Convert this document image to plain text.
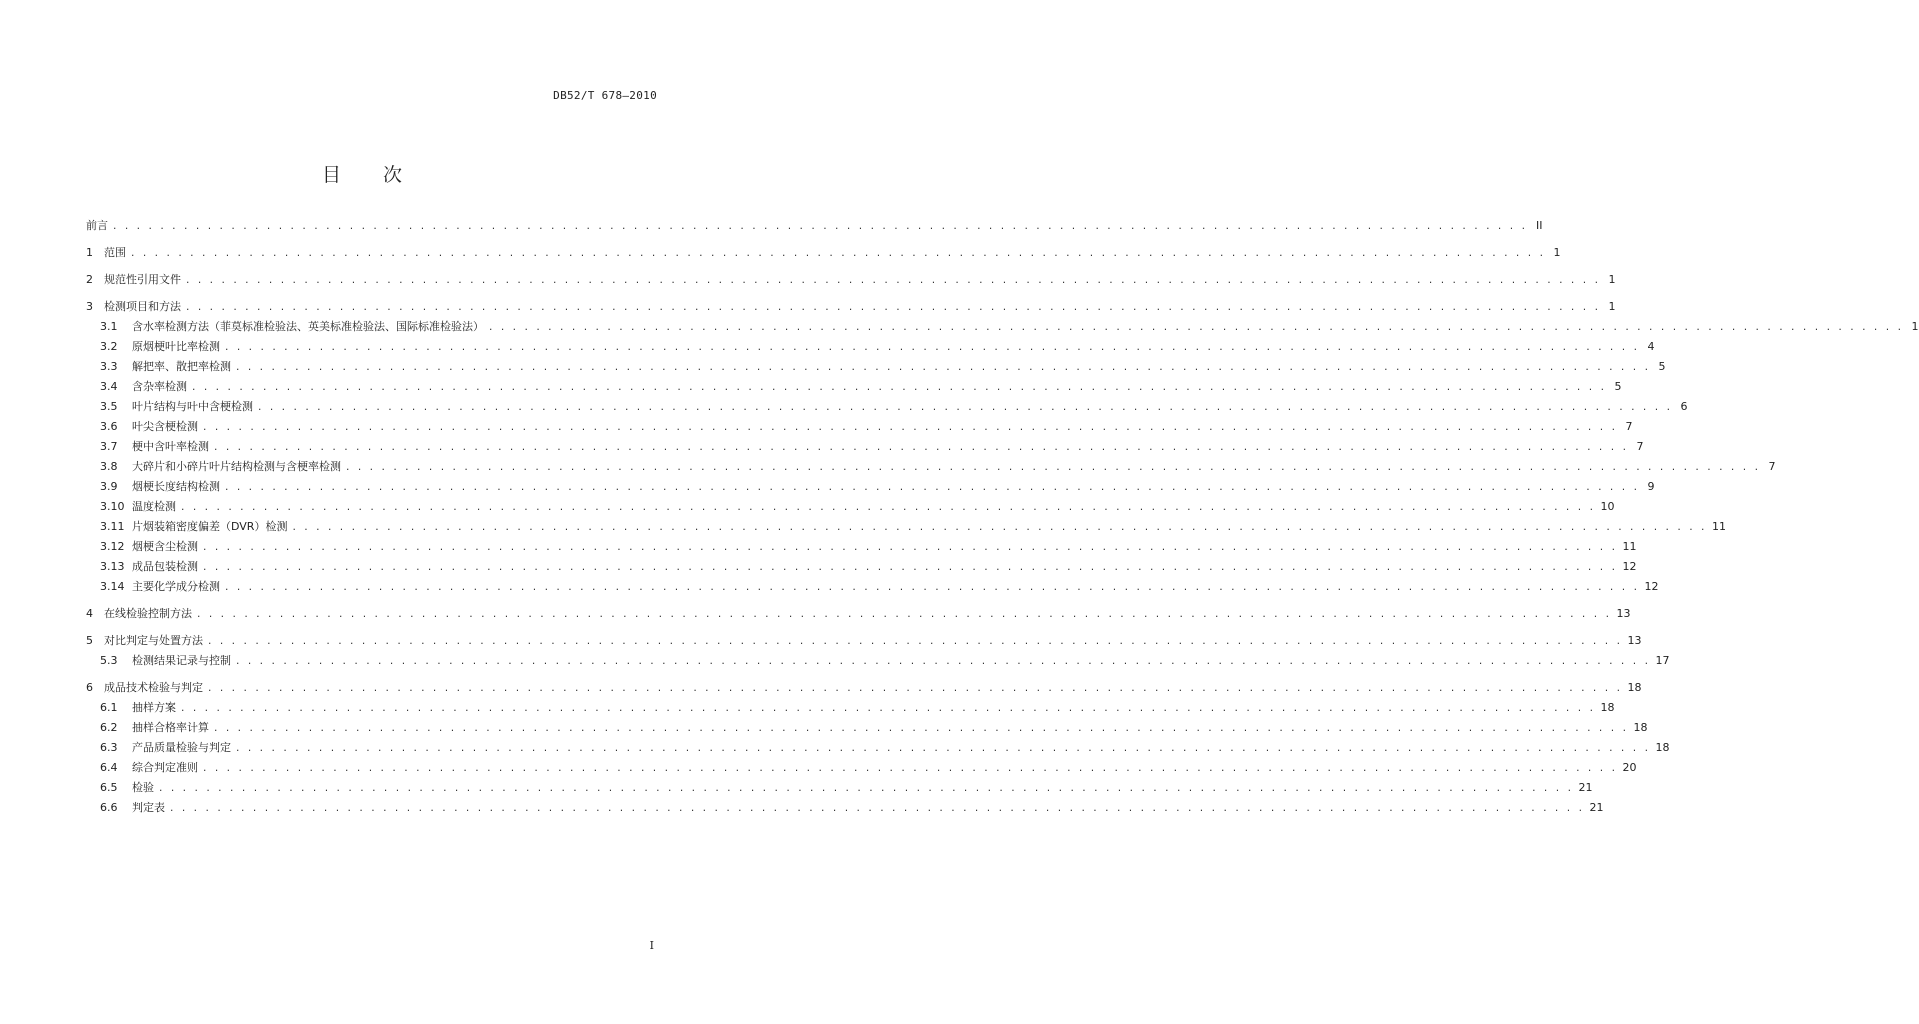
DB52/T 678—2010
目 次
前言 . . . . . . . . . . . . . . . . . . . . . . . . . . . . . . . . . . . . . . . . . . . . . . . . . . . . . . . . . . . . . . . . . . . . . . . . . . . . . . . . . . . . . . . . . . . . . . . . . . . . . . . . . . . . . . . . . . . . . . . . II
1 范围 . . . . . . . . . . . . . . . . . . . . . . . . . . . . . . . . . . . . . . . . . . . . . . . . . . . . . . . . . . . . . . . . . . . . . . . . . . . . . . . . . . . . . . . . . . . . . . . . . . . . . . . . . . . . . . . . . . . . . . . . 1
2 规范性引用文件 . . . . . . . . . . . . . . . . . . . . . . . . . . . . . . . . . . . . . . . . . . . . . . . . . . . . . . . . . . . . . . . . . . . . . . . . . . . . . . . . . . . . . . . . . . . . . . . . . . . . . . . . . . . . . . . . . . . . . . . . 1
3 检测项目和方法 . . . . . . . . . . . . . . . . . . . . . . . . . . . . . . . . . . . . . . . . . . . . . . . . . . . . . . . . . . . . . . . . . . . . . . . . . . . . . . . . . . . . . . . . . . . . . . . . . . . . . . . . . . . . . . . . . . . . . . . . 1
3.1 含水率检测方法（菲莫标准检验法、英美标准检验法、国际标准检验法） . . . . . . . . . . . . . . . . . . . . . . . . . . . . . . . . . . . . . . . . . . . . . . . . . . . . . . . . . . . . . . . . . . . . . . . . . . . . . . . . . . . . . . . . . . . . . . . . . . . . . . . . . . . . . . . . . . . . . . . . 1
3.2 原烟梗叶比率检测 . . . . . . . . . . . . . . . . . . . . . . . . . . . . . . . . . . . . . . . . . . . . . . . . . . . . . . . . . . . . . . . . . . . . . . . . . . . . . . . . . . . . . . . . . . . . . . . . . . . . . . . . . . . . . . . . . . . . . . . . 4
3.3 解把率、散把率检测 . . . . . . . . . . . . . . . . . . . . . . . . . . . . . . . . . . . . . . . . . . . . . . . . . . . . . . . . . . . . . . . . . . . . . . . . . . . . . . . . . . . . . . . . . . . . . . . . . . . . . . . . . . . . . . . . . . . . . . . . 5
3.4 含杂率检测 . . . . . . . . . . . . . . . . . . . . . . . . . . . . . . . . . . . . . . . . . . . . . . . . . . . . . . . . . . . . . . . . . . . . . . . . . . . . . . . . . . . . . . . . . . . . . . . . . . . . . . . . . . . . . . . . . . . . . . . . 5
3.5 叶片结构与叶中含梗检测 . . . . . . . . . . . . . . . . . . . . . . . . . . . . . . . . . . . . . . . . . . . . . . . . . . . . . . . . . . . . . . . . . . . . . . . . . . . . . . . . . . . . . . . . . . . . . . . . . . . . . . . . . . . . . . . . . . . . . . . . 6
3.6 叶尖含梗检测 . . . . . . . . . . . . . . . . . . . . . . . . . . . . . . . . . . . . . . . . . . . . . . . . . . . . . . . . . . . . . . . . . . . . . . . . . . . . . . . . . . . . . . . . . . . . . . . . . . . . . . . . . . . . . . . . . . . . . . . . 7
3.7 梗中含叶率检测 . . . . . . . . . . . . . . . . . . . . . . . . . . . . . . . . . . . . . . . . . . . . . . . . . . . . . . . . . . . . . . . . . . . . . . . . . . . . . . . . . . . . . . . . . . . . . . . . . . . . . . . . . . . . . . . . . . . . . . . . 7
3.8 大碎片和小碎片叶片结构检测与含梗率检测 . . . . . . . . . . . . . . . . . . . . . . . . . . . . . . . . . . . . . . . . . . . . . . . . . . . . . . . . . . . . . . . . . . . . . . . . . . . . . . . . . . . . . . . . . . . . . . . . . . . . . . . . . . . . . . . . . . . . . . . . 7
3.9 烟梗长度结构检测 . . . . . . . . . . . . . . . . . . . . . . . . . . . . . . . . . . . . . . . . . . . . . . . . . . . . . . . . . . . . . . . . . . . . . . . . . . . . . . . . . . . . . . . . . . . . . . . . . . . . . . . . . . . . . . . . . . . . . . . . 9
3.10 温度检测 . . . . . . . . . . . . . . . . . . . . . . . . . . . . . . . . . . . . . . . . . . . . . . . . . . . . . . . . . . . . . . . . . . . . . . . . . . . . . . . . . . . . . . . . . . . . . . . . . . . . . . . . . . . . . . . . . . . . . . . . 10
3.11 片烟装箱密度偏差（DVR）检测 . . . . . . . . . . . . . . . . . . . . . . . . . . . . . . . . . . . . . . . . . . . . . . . . . . . . . . . . . . . . . . . . . . . . . . . . . . . . . . . . . . . . . . . . . . . . . . . . . . . . . . . . . . . . . . . . . . . . . . . . 11
3.12 烟梗含尘检测 . . . . . . . . . . . . . . . . . . . . . . . . . . . . . . . . . . . . . . . . . . . . . . . . . . . . . . . . . . . . . . . . . . . . . . . . . . . . . . . . . . . . . . . . . . . . . . . . . . . . . . . . . . . . . . . . . . . . . . . . 11
3.13 成品包装检测 . . . . . . . . . . . . . . . . . . . . . . . . . . . . . . . . . . . . . . . . . . . . . . . . . . . . . . . . . . . . . . . . . . . . . . . . . . . . . . . . . . . . . . . . . . . . . . . . . . . . . . . . . . . . . . . . . . . . . . . . 12
3.14 主要化学成分检测 . . . . . . . . . . . . . . . . . . . . . . . . . . . . . . . . . . . . . . . . . . . . . . . . . . . . . . . . . . . . . . . . . . . . . . . . . . . . . . . . . . . . . . . . . . . . . . . . . . . . . . . . . . . . . . . . . . . . . . . . 12
4 在线检验控制方法 . . . . . . . . . . . . . . . . . . . . . . . . . . . . . . . . . . . . . . . . . . . . . . . . . . . . . . . . . . . . . . . . . . . . . . . . . . . . . . . . . . . . . . . . . . . . . . . . . . . . . . . . . . . . . . . . . . . . . . . . 13
5 对比判定与处置方法 . . . . . . . . . . . . . . . . . . . . . . . . . . . . . . . . . . . . . . . . . . . . . . . . . . . . . . . . . . . . . . . . . . . . . . . . . . . . . . . . . . . . . . . . . . . . . . . . . . . . . . . . . . . . . . . . . . . . . . . . 13
5.3 检测结果记录与控制 . . . . . . . . . . . . . . . . . . . . . . . . . . . . . . . . . . . . . . . . . . . . . . . . . . . . . . . . . . . . . . . . . . . . . . . . . . . . . . . . . . . . . . . . . . . . . . . . . . . . . . . . . . . . . . . . . . . . . . . . 17
6 成品技术检验与判定 . . . . . . . . . . . . . . . . . . . . . . . . . . . . . . . . . . . . . . . . . . . . . . . . . . . . . . . . . . . . . . . . . . . . . . . . . . . . . . . . . . . . . . . . . . . . . . . . . . . . . . . . . . . . . . . . . . . . . . . . 18
6.1 抽样方案 . . . . . . . . . . . . . . . . . . . . . . . . . . . . . . . . . . . . . . . . . . . . . . . . . . . . . . . . . . . . . . . . . . . . . . . . . . . . . . . . . . . . . . . . . . . . . . . . . . . . . . . . . . . . . . . . . . . . . . . . 18
6.2 抽样合格率计算 . . . . . . . . . . . . . . . . . . . . . . . . . . . . . . . . . . . . . . . . . . . . . . . . . . . . . . . . . . . . . . . . . . . . . . . . . . . . . . . . . . . . . . . . . . . . . . . . . . . . . . . . . . . . . . . . . . . . . . . . 18
6.3 产品质量检验与判定 . . . . . . . . . . . . . . . . . . . . . . . . . . . . . . . . . . . . . . . . . . . . . . . . . . . . . . . . . . . . . . . . . . . . . . . . . . . . . . . . . . . . . . . . . . . . . . . . . . . . . . . . . . . . . . . . . . . . . . . . 18
6.4 综合判定准则 . . . . . . . . . . . . . . . . . . . . . . . . . . . . . . . . . . . . . . . . . . . . . . . . . . . . . . . . . . . . . . . . . . . . . . . . . . . . . . . . . . . . . . . . . . . . . . . . . . . . . . . . . . . . . . . . . . . . . . . . 20
6.5 检验 . . . . . . . . . . . . . . . . . . . . . . . . . . . . . . . . . . . . . . . . . . . . . . . . . . . . . . . . . . . . . . . . . . . . . . . . . . . . . . . . . . . . . . . . . . . . . . . . . . . . . . . . . . . . . . . . . . . . . . . . 21
6.6 判定表 . . . . . . . . . . . . . . . . . . . . . . . . . . . . . . . . . . . . . . . . . . . . . . . . . . . . . . . . . . . . . . . . . . . . . . . . . . . . . . . . . . . . . . . . . . . . . . . . . . . . . . . . . . . . . . . . . . . . . . . . 21
I
